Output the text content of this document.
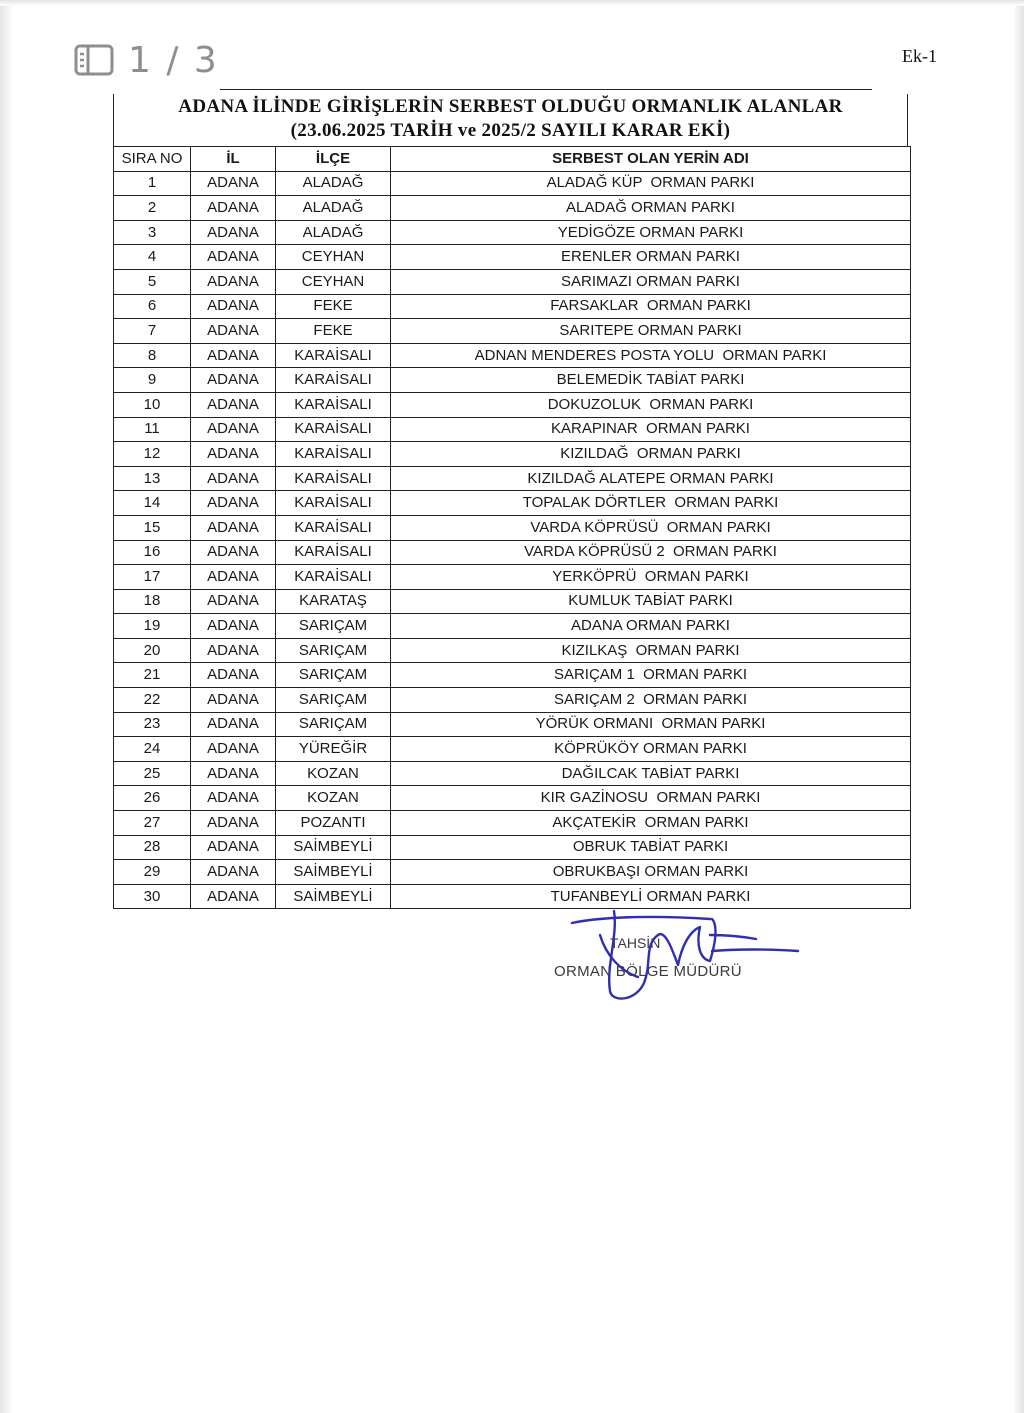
1 / 3	Ek-1
ADANA İLİNDE GİRİŞLERİN SERBEST OLDUĞU ORMANLIK ALANLAR
(23.06.2025 TARİH ve 2025/2 SAYILI KARAR EKİ)
SIRA NO	İL	İLÇE	SERBEST OLAN YERİN ADI
1	ADANA	ALADAĞ	ALADAĞ KÜP  ORMAN PARKI
2	ADANA	ALADAĞ	ALADAĞ ORMAN PARKI
3	ADANA	ALADAĞ	YEDİGÖZE ORMAN PARKI
4	ADANA	CEYHAN	ERENLER ORMAN PARKI
5	ADANA	CEYHAN	SARIMAZI ORMAN PARKI
6	ADANA	FEKE	FARSAKLAR  ORMAN PARKI
7	ADANA	FEKE	SARITEPE ORMAN PARKI
8	ADANA	KARAİSALI	ADNAN MENDERES POSTA YOLU  ORMAN PARKI
9	ADANA	KARAİSALI	BELEMEDİK TABİAT PARKI
10	ADANA	KARAİSALI	DOKUZOLUK  ORMAN PARKI
11	ADANA	KARAİSALI	KARAPINAR  ORMAN PARKI
12	ADANA	KARAİSALI	KIZILDAĞ  ORMAN PARKI
13	ADANA	KARAİSALI	KIZILDAĞ ALATEPE ORMAN PARKI
14	ADANA	KARAİSALI	TOPALAK DÖRTLER  ORMAN PARKI
15	ADANA	KARAİSALI	VARDA KÖPRÜSÜ  ORMAN PARKI
16	ADANA	KARAİSALI	VARDA KÖPRÜSÜ 2  ORMAN PARKI
17	ADANA	KARAİSALI	YERKÖPRÜ  ORMAN PARKI
18	ADANA	KARATAŞ	KUMLUK TABİAT PARKI
19	ADANA	SARIÇAM	ADANA ORMAN PARKI
20	ADANA	SARIÇAM	KIZILKAŞ  ORMAN PARKI
21	ADANA	SARIÇAM	SARIÇAM 1  ORMAN PARKI
22	ADANA	SARIÇAM	SARIÇAM 2  ORMAN PARKI
23	ADANA	SARIÇAM	YÖRÜK ORMANI  ORMAN PARKI
24	ADANA	YÜREĞİR	KÖPRÜKÖY ORMAN PARKI
25	ADANA	KOZAN	DAĞILCAK TABİAT PARKI
26	ADANA	KOZAN	KIR GAZİNOSU  ORMAN PARKI
27	ADANA	POZANTI	AKÇATEKİR  ORMAN PARKI
28	ADANA	SAİMBEYLİ	OBRUK TABİAT PARKI
29	ADANA	SAİMBEYLİ	OBRUKBAŞI ORMAN PARKI
30	ADANA	SAİMBEYLİ	TUFANBEYLİ ORMAN PARKI
TAHSİN
ORMAN BÖLGE MÜDÜRÜ
